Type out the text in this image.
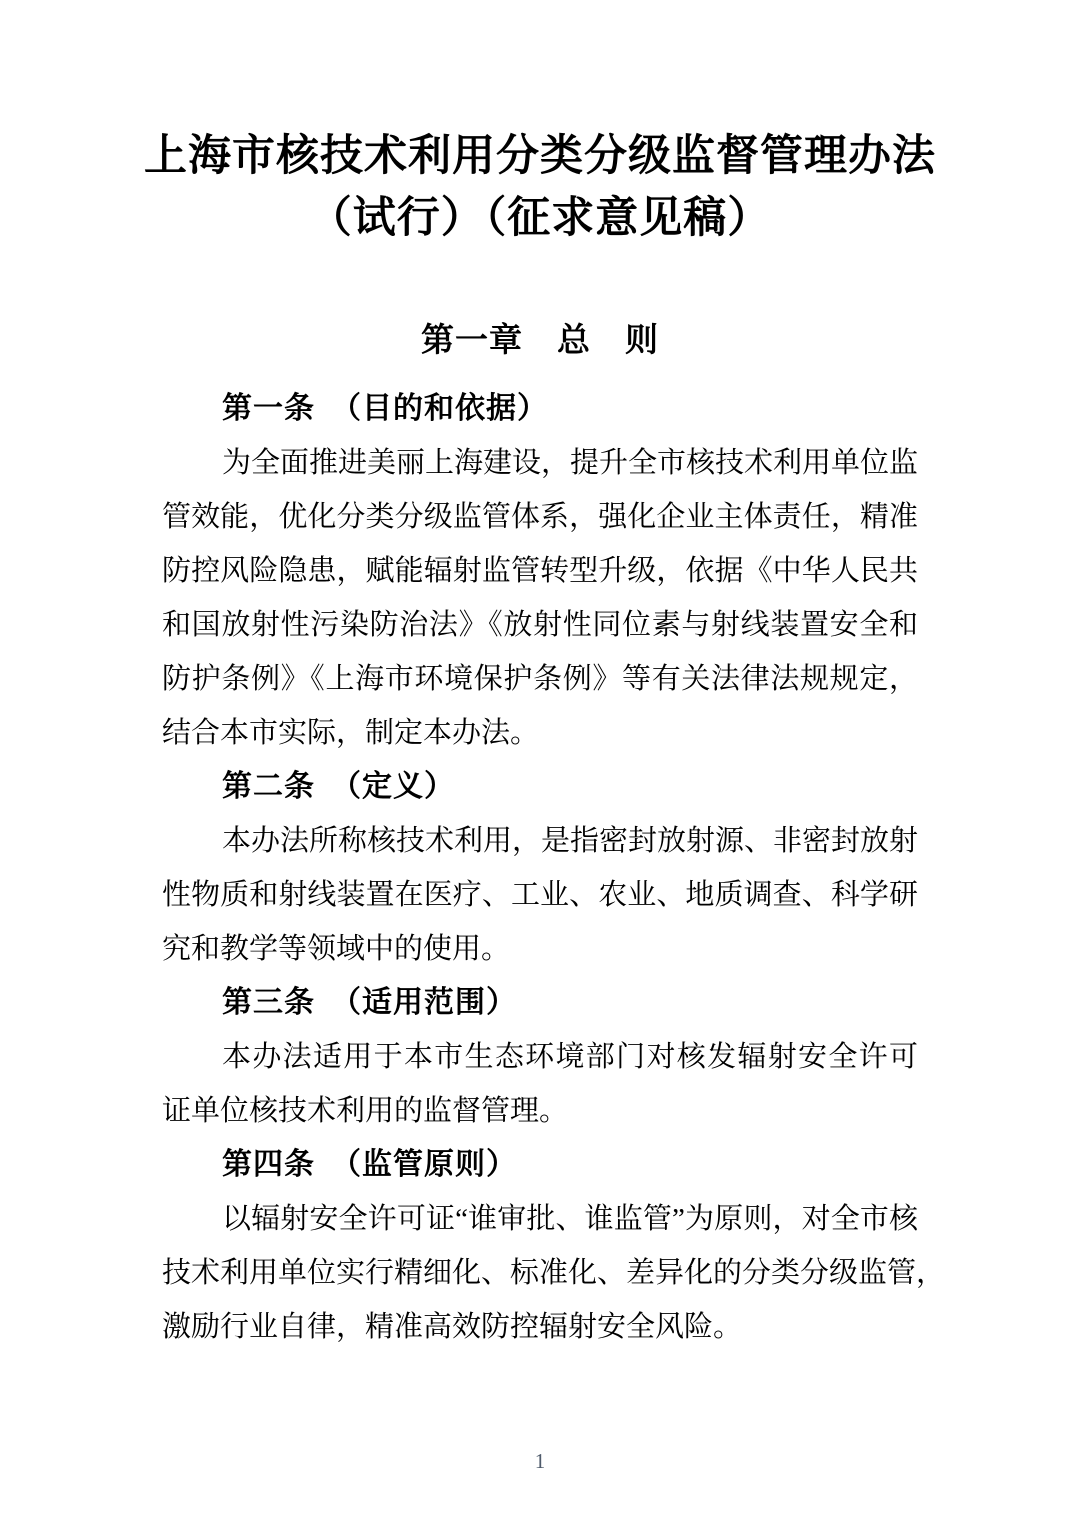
上海市核技术利用分类分级监督管理办法
（试行）（征求意见稿）
第一章　总　则
第一条　（目的和依据）
为全面推进美丽上海建设，提升全市核技术利用单位监
管效能，优化分类分级监管体系，强化企业主体责任，精准
防控风险隐患，赋能辐射监管转型升级，依据《中华人民共
和国放射性污染防治法》《放射性同位素与射线装置安全和
防护条例》《上海市环境保护条例》等有关法律法规规定，
结合本市实际，制定本办法。
第二条　（定义）
本办法所称核技术利用，是指密封放射源、非密封放射
性物质和射线装置在医疗、工业、农业、地质调查、科学研
究和教学等领域中的使用。
第三条　（适用范围）
本办法适用于本市生态环境部门对核发辐射安全许可
证单位核技术利用的监督管理。
第四条　（监管原则）
以辐射安全许可证“谁审批、谁监管”为原则，对全市核
技术利用单位实行精细化、标准化、差异化的分类分级监管，
激励行业自律，精准高效防控辐射安全风险。
1
